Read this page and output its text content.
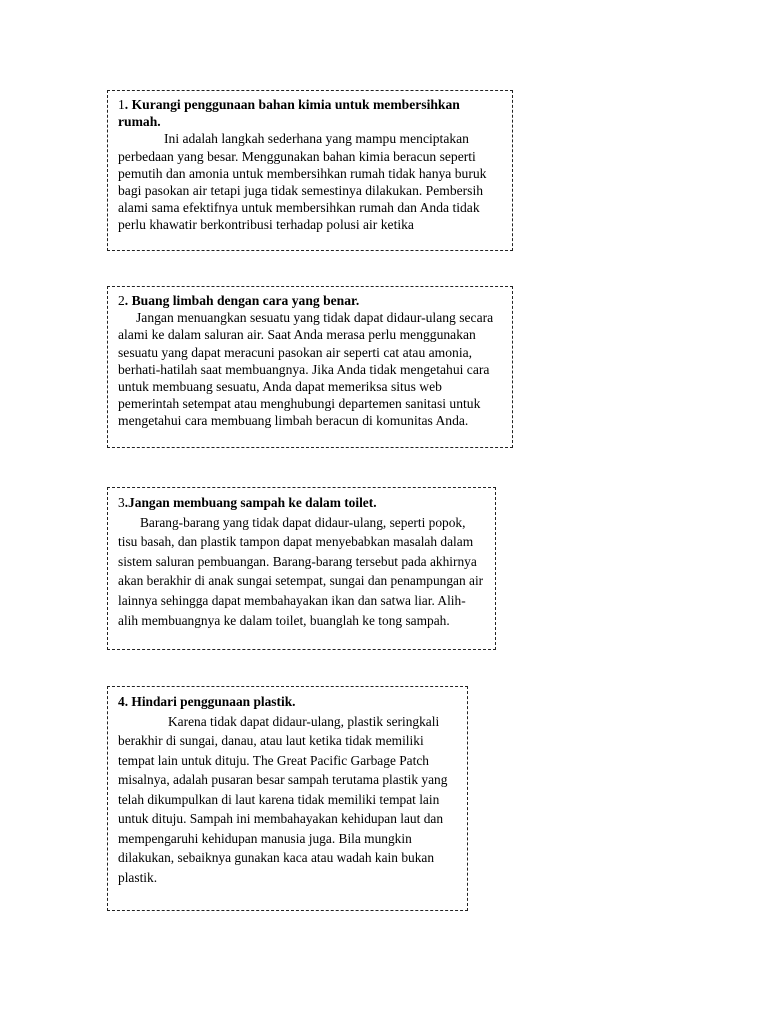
1. Kurangi penggunaan bahan kimia untuk membersihkan rumah.

Ini adalah langkah sederhana yang mampu menciptakan perbedaan yang besar. Menggunakan bahan kimia beracun seperti pemutih dan amonia untuk membersihkan rumah tidak hanya buruk bagi pasokan air tetapi juga tidak semestinya dilakukan. Pembersih alami sama efektifnya untuk membersihkan rumah dan Anda tidak perlu khawatir berkontribusi terhadap polusi air ketika

2. Buang limbah dengan cara yang benar.

Jangan menuangkan sesuatu yang tidak dapat didaur-ulang secara alami ke dalam saluran air. Saat Anda merasa perlu menggunakan sesuatu yang dapat meracuni pasokan air seperti cat atau amonia, berhati-hatilah saat membuangnya. Jika Anda tidak mengetahui cara untuk membuang sesuatu, Anda dapat memeriksa situs web pemerintah setempat atau menghubungi departemen sanitasi untuk mengetahui cara membuang limbah beracun di komunitas Anda.

3.Jangan membuang sampah ke dalam toilet.

Barang-barang yang tidak dapat didaur-ulang, seperti popok, tisu basah, dan plastik tampon dapat menyebabkan masalah dalam sistem saluran pembuangan. Barang-barang tersebut pada akhirnya akan berakhir di anak sungai setempat, sungai dan penampungan air lainnya sehingga dapat membahayakan ikan dan satwa liar. Alih-alih membuangnya ke dalam toilet, buanglah ke tong sampah.

4. Hindari penggunaan plastik.

Karena tidak dapat didaur-ulang, plastik seringkali berakhir di sungai, danau, atau laut ketika tidak memiliki tempat lain untuk dituju. The Great Pacific Garbage Patch misalnya, adalah pusaran besar sampah terutama plastik yang telah dikumpulkan di laut karena tidak memiliki tempat lain untuk dituju. Sampah ini membahayakan kehidupan laut dan mempengaruhi kehidupan manusia juga. Bila mungkin dilakukan, sebaiknya gunakan kaca atau wadah kain bukan plastik.
